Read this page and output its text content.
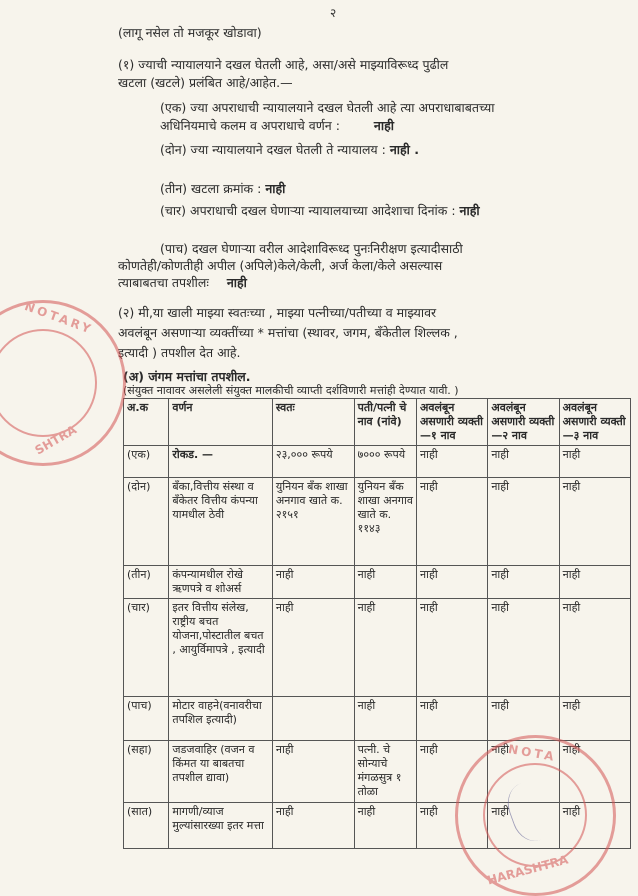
२
(लागू नसेल तो मजकूर खोडावा)
(१) ज्याची न्यायालयाने दखल घेतली आहे, असा/असे माझ्याविरूध्द पुढील
खटला (खटले) प्रलंबित आहे/आहेत.—
(एक) ज्या अपराधाची न्यायालयाने दखल घेतली आहे त्या अपराधाबाबतच्या
अधिनियमाचे कलम व अपराधाचे वर्णन :	नाही
(दोन) ज्या न्यायालयाने दखल घेतली ते न्यायालय : नाही .
(तीन) खटला क्रमांक : नाही
(चार) अपराधाची दखल घेणाऱ्या न्यायालयाच्या आदेशाचा दिनांक : नाही
(पाच) दखल घेणाऱ्या वरील आदेशाविरूध्द पुनःनिरीक्षण इत्यादीसाठी
कोणतेही/कोणतीही अपील (अपिले)केले/केली, अर्ज केला/केले असल्यास
त्याबाबतचा तपशीलः नाही
(२) मी,या खाली माझ्या स्वतःच्या , माझ्या पत्नीच्या/पतीच्या व माझ्यावर
अवलंबून असणाऱ्या व्यक्तींच्या * मत्तांचा (स्थावर, जगम, बँकेतील शिल्लक ,
इत्यादी ) तपशील देत आहे.
(अ) जंगम मत्तांचा तपशील.
(संयुक्त नावावर असलेली संयुक्त मालकीची व्याप्ती दर्शविणारी मत्तांही देण्यात यावी. )
अ.क	वर्णन	स्वतः	पती/पत्नी चे नाव (नांवे)	अवलंबून असणारी व्यक्ती—१ नाव	अवलंबून असणारी व्यक्ती—२ नाव	अवलंबून असणारी व्यक्ती—३ नाव
(एक)	रोकड. —	२३,००० रूपये	७००० रूपये	नाही	नाही	नाही
(दोन)	बँका,वित्तीय संस्था व बँकेतर वित्तीय कंपन्या यामधील ठेवी	युनियन बँक शाखा अनगाव खाते क. २१५१	युनियन बँक शाखा अनगाव खाते क. ११४३	नाही	नाही	नाही
(तीन)	कंपन्यामधील रोखे ऋणपत्रे व शोअर्स	नाही	नाही	नाही	नाही	नाही
(चार)	इतर वित्तीय संलेख, राष्ट्रीय बचत योजना,पोस्टातील बचत , आयुर्विमापत्रे , इत्यादी	नाही	नाही	नाही	नाही	नाही
(पाच)	मोटार वाहने(वनावरीचा तपशिल इत्यादी)		नाही	नाही	नाही	नाही
(सहा)	जडजवाहिर (वजन व किंमत या बाबतचा तपशील द्यावा)	नाही	पत्नी. चे सोन्याचे मंगळसुत्र १ तोळा	नाही	नाही	नाही
(सात)	मागणी/व्याज मुल्यांसारख्या इतर मत्ता	नाही	नाही	नाही	नाही	नाही
NOTARY
SHTRA
NOTA
HARASHTRA
